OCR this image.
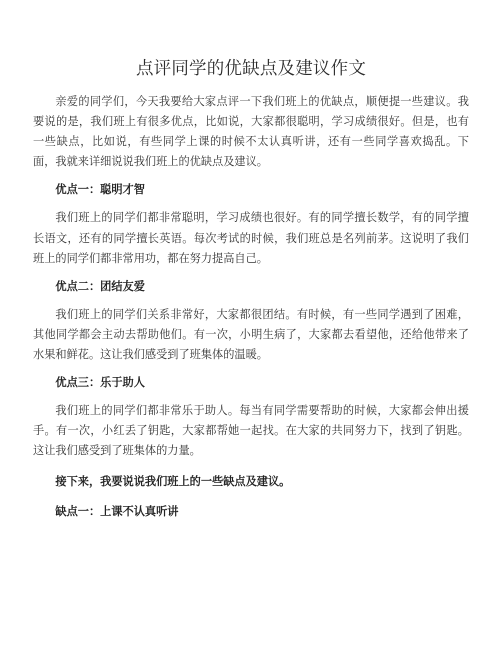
点评同学的优缺点及建议作文

亲爱的同学们，今天我要给大家点评一下我们班上的优缺点，顺便提一些建议。我要说的是，我们班上有很多优点，比如说，大家都很聪明，学习成绩很好。但是，也有一些缺点，比如说，有些同学上课的时候不太认真听讲，还有一些同学喜欢捣乱。下面，我就来详细说说我们班上的优缺点及建议。

优点一：聪明才智

我们班上的同学们都非常聪明，学习成绩也很好。有的同学擅长数学，有的同学擅长语文，还有的同学擅长英语。每次考试的时候，我们班总是名列前茅。这说明了我们班上的同学们都非常用功，都在努力提高自己。

优点二：团结友爱

我们班上的同学们关系非常好，大家都很团结。有时候，有一些同学遇到了困难，其他同学都会主动去帮助他们。有一次，小明生病了，大家都去看望他，还给他带来了水果和鲜花。这让我们感受到了班集体的温暖。

优点三：乐于助人

我们班上的同学们都非常乐于助人。每当有同学需要帮助的时候，大家都会伸出援手。有一次，小红丢了钥匙，大家都帮她一起找。在大家的共同努力下，找到了钥匙。这让我们感受到了班集体的力量。

接下来，我要说说我们班上的一些缺点及建议。

缺点一：上课不认真听讲
